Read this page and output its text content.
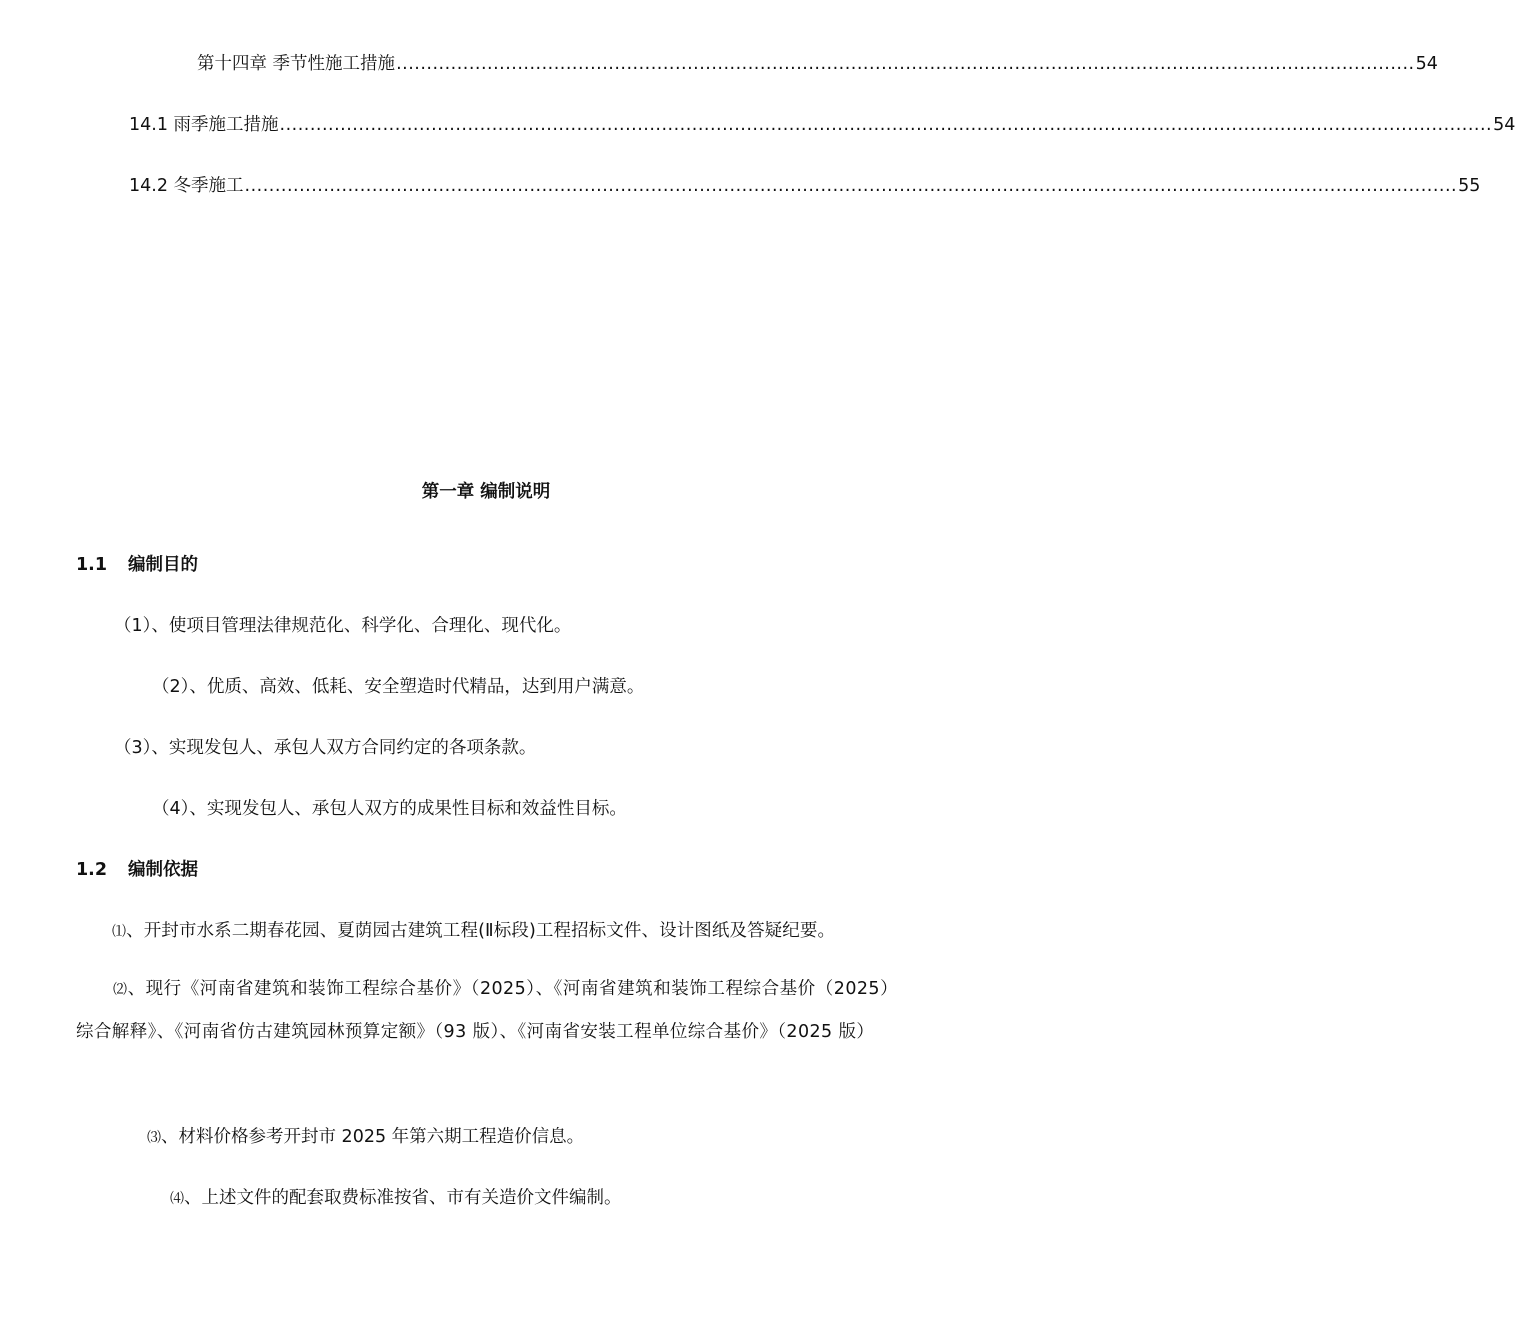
第十四章 季节性施工措施 ........................................................................................................................................................................ 54
14.1 雨季施工措施 ........................................................................................................................................................................................................ 54
14.2 冬季施工 ........................................................................................................................................................................................................ 55
第一章 编制说明
1.1 编制目的
（1）、使项目管理法律规范化、科学化、合理化、现代化。
（2）、优质、高效、低耗、安全塑造时代精品，达到用户满意。
（3）、实现发包人、承包人双方合同约定的各项条款。
（4）、实现发包人、承包人双方的成果性目标和效益性目标。
1.2 编制依据
⑴、开封市水系二期春花园、夏荫园古建筑工程(Ⅱ标段)工程招标文件、设计图纸及答疑纪要。
⑵、现行《河南省建筑和装饰工程综合基价》（2025）、《河南省建筑和装饰工程综合基价（2025）综合解释》、《河南省仿古建筑园林预算定额》（93 版）、《河南省安装工程单位综合基价》（2025 版）
⑶、材料价格参考开封市 2025 年第六期工程造价信息。
⑷、上述文件的配套取费标准按省、市有关造价文件编制。
